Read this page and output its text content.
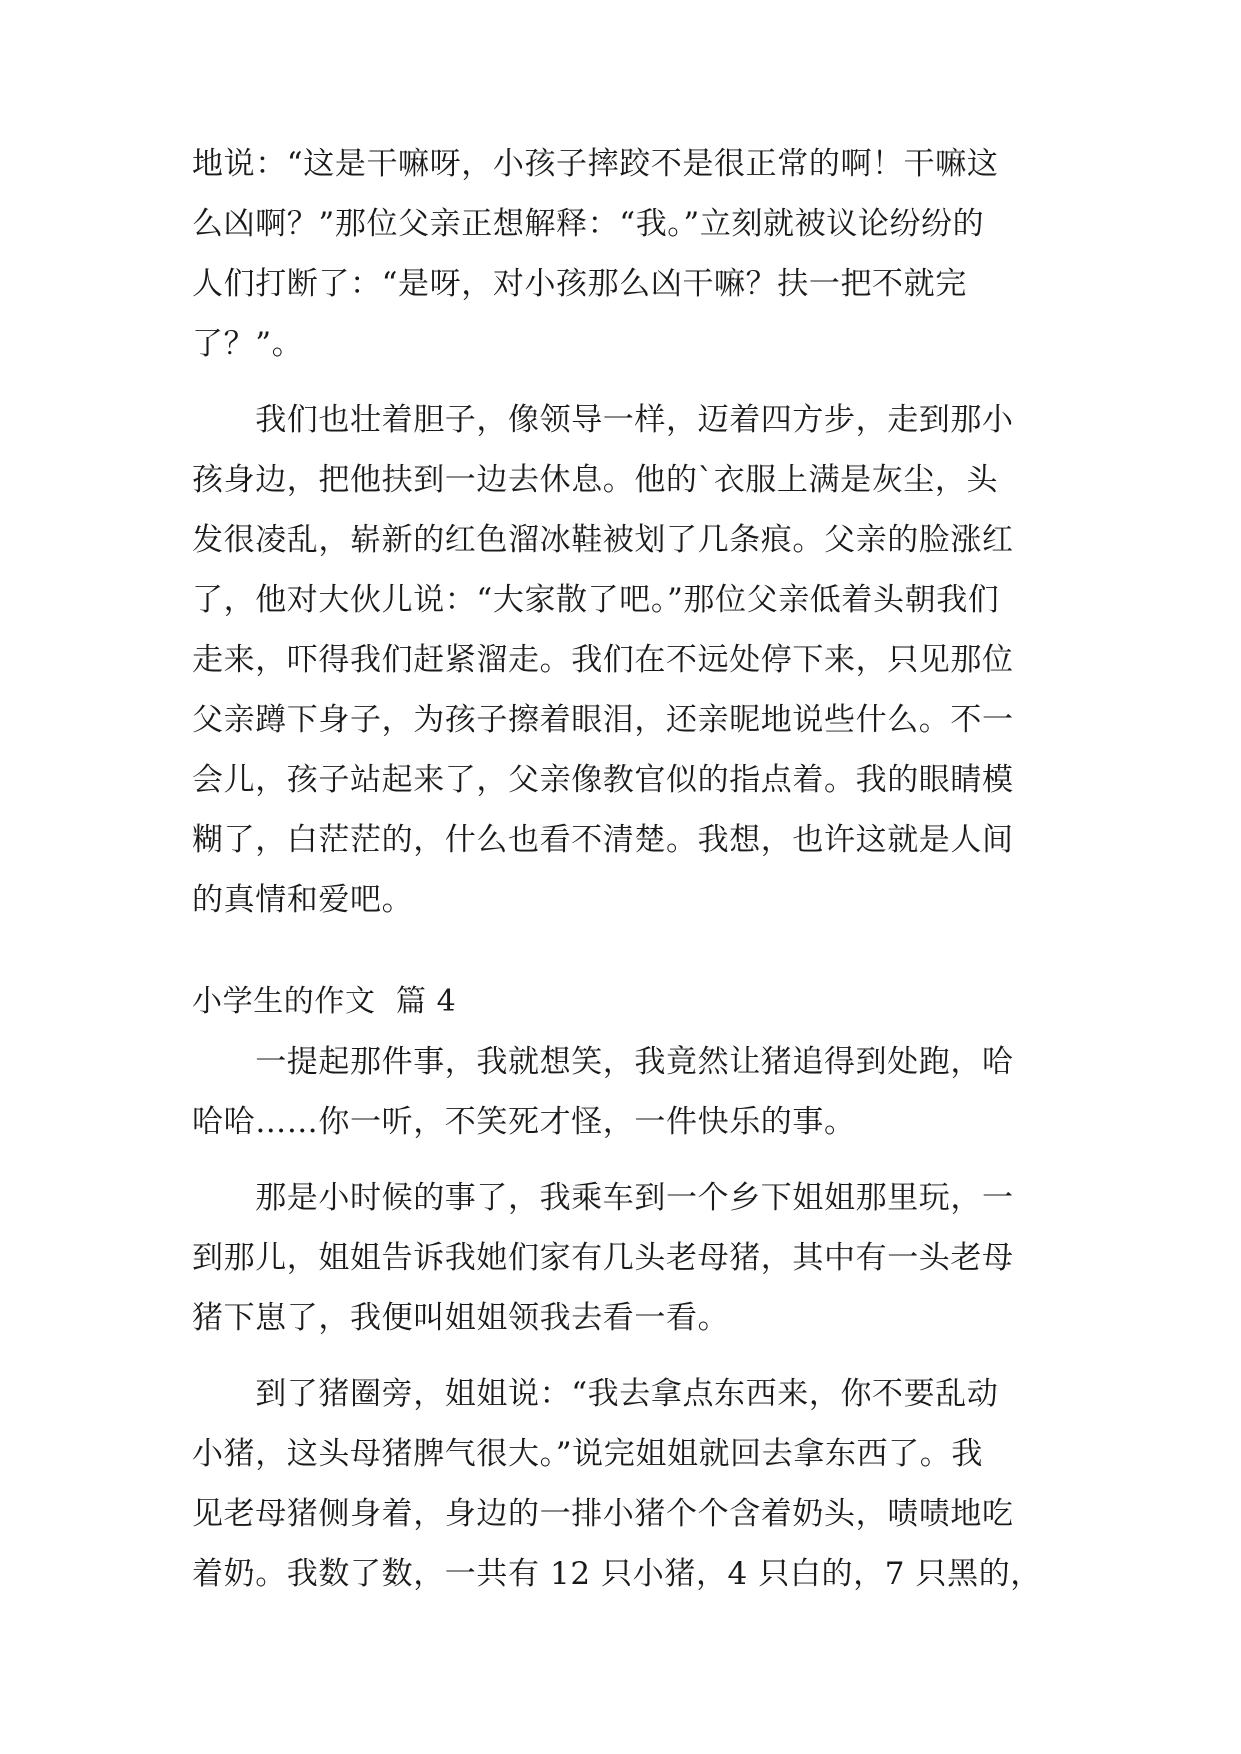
地说：“这是干嘛呀，小孩子摔跤不是很正常的啊！干嘛这
么凶啊？”那位父亲正想解释：“我。”立刻就被议论纷纷的
人们打断了：“是呀，对小孩那么凶干嘛？扶一把不就完
了？”。
　　我们也壮着胆子，像领导一样，迈着四方步，走到那小
孩身边，把他扶到一边去休息。他的`衣服上满是灰尘，头
发很凌乱，崭新的红色溜冰鞋被划了几条痕。父亲的脸涨红
了，他对大伙儿说：“大家散了吧。”那位父亲低着头朝我们
走来，吓得我们赶紧溜走。我们在不远处停下来，只见那位
父亲蹲下身子，为孩子擦着眼泪，还亲昵地说些什么。不一
会儿，孩子站起来了，父亲像教官似的指点着。我的眼睛模
糊了，白茫茫的，什么也看不清楚。我想，也许这就是人间
的真情和爱吧。
小学生的作文  篇 4
　　一提起那件事，我就想笑，我竟然让猪追得到处跑，哈
哈哈……你一听，不笑死才怪，一件快乐的事。
　　那是小时候的事了，我乘车到一个乡下姐姐那里玩，一
到那儿，姐姐告诉我她们家有几头老母猪，其中有一头老母
猪下崽了，我便叫姐姐领我去看一看。
　　到了猪圈旁，姐姐说：“我去拿点东西来，你不要乱动
小猪，这头母猪脾气很大。”说完姐姐就回去拿东西了。我
见老母猪侧身着，身边的一排小猪个个含着奶头，啧啧地吃
着奶。我数了数，一共有 12 只小猪，4 只白的，7 只黑的，
